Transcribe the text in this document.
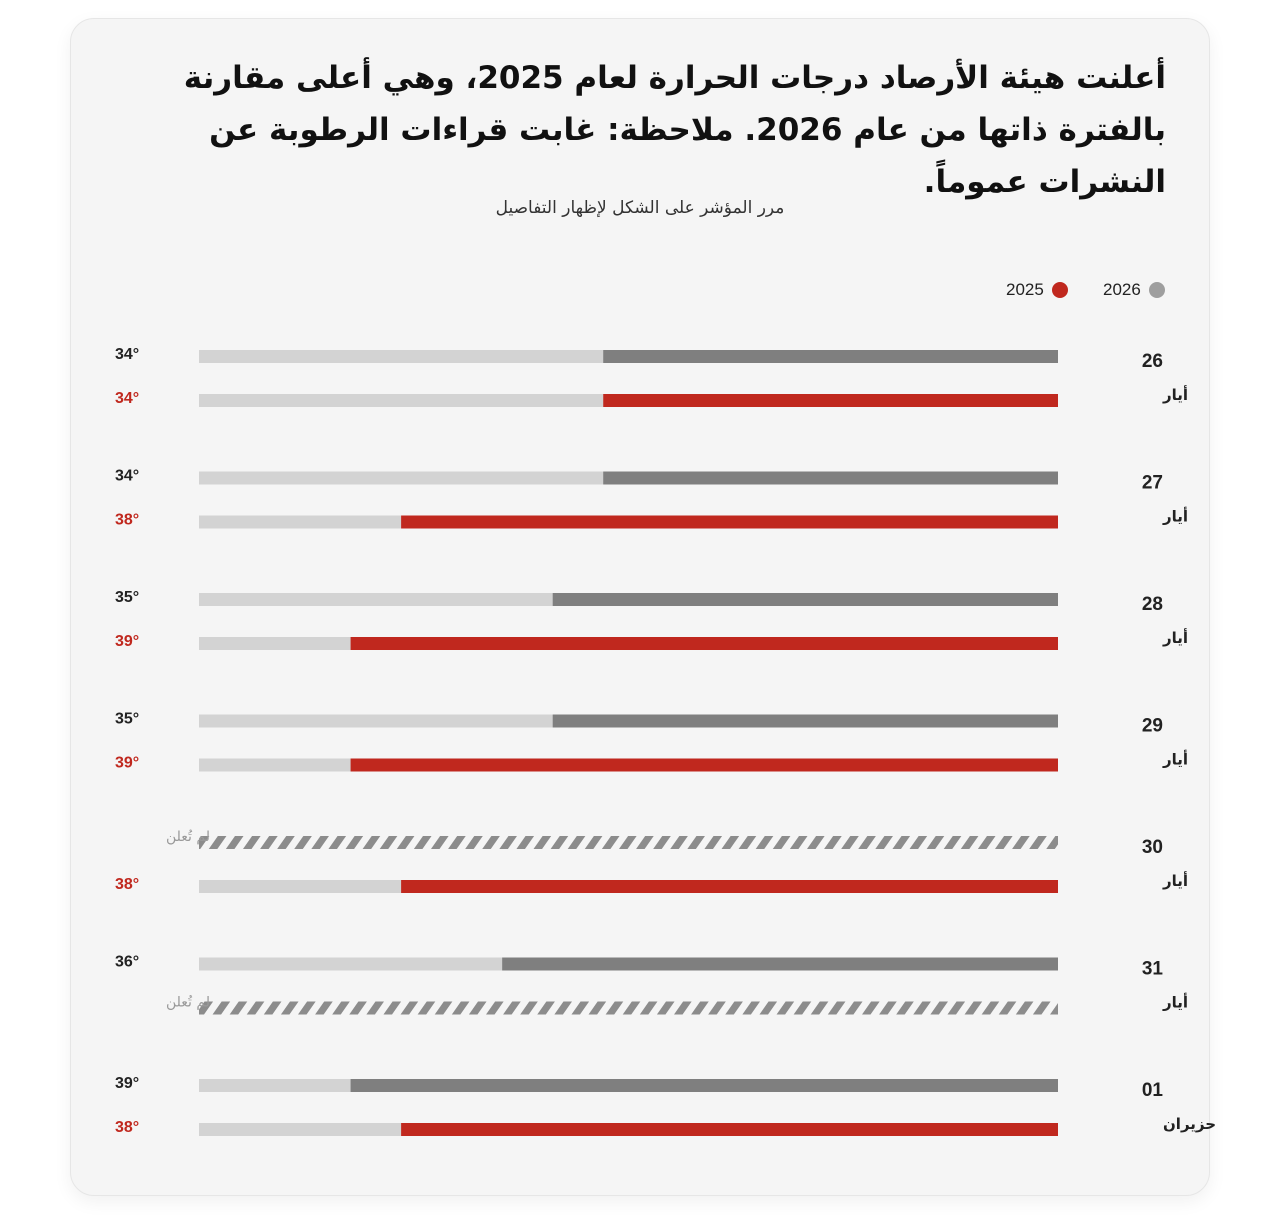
أعلنت هيئة الأرصاد درجات الحرارة لعام 2025، وهي أعلى مقارنة بالفترة ذاتها من عام 2026. ملاحظة: غابت قراءات الرطوبة عن النشرات عموماً.
مرر المؤشر على الشكل لإظهار التفاصيل
2026
2025
26
أيار
34°
34°
27
أيار
34°
38°
28
أيار
35°
39°
29
أيار
35°
39°
30
أيار
لم تُعلن
38°
31
أيار
36°
لم تُعلن
01
حزيران
39°
38°
